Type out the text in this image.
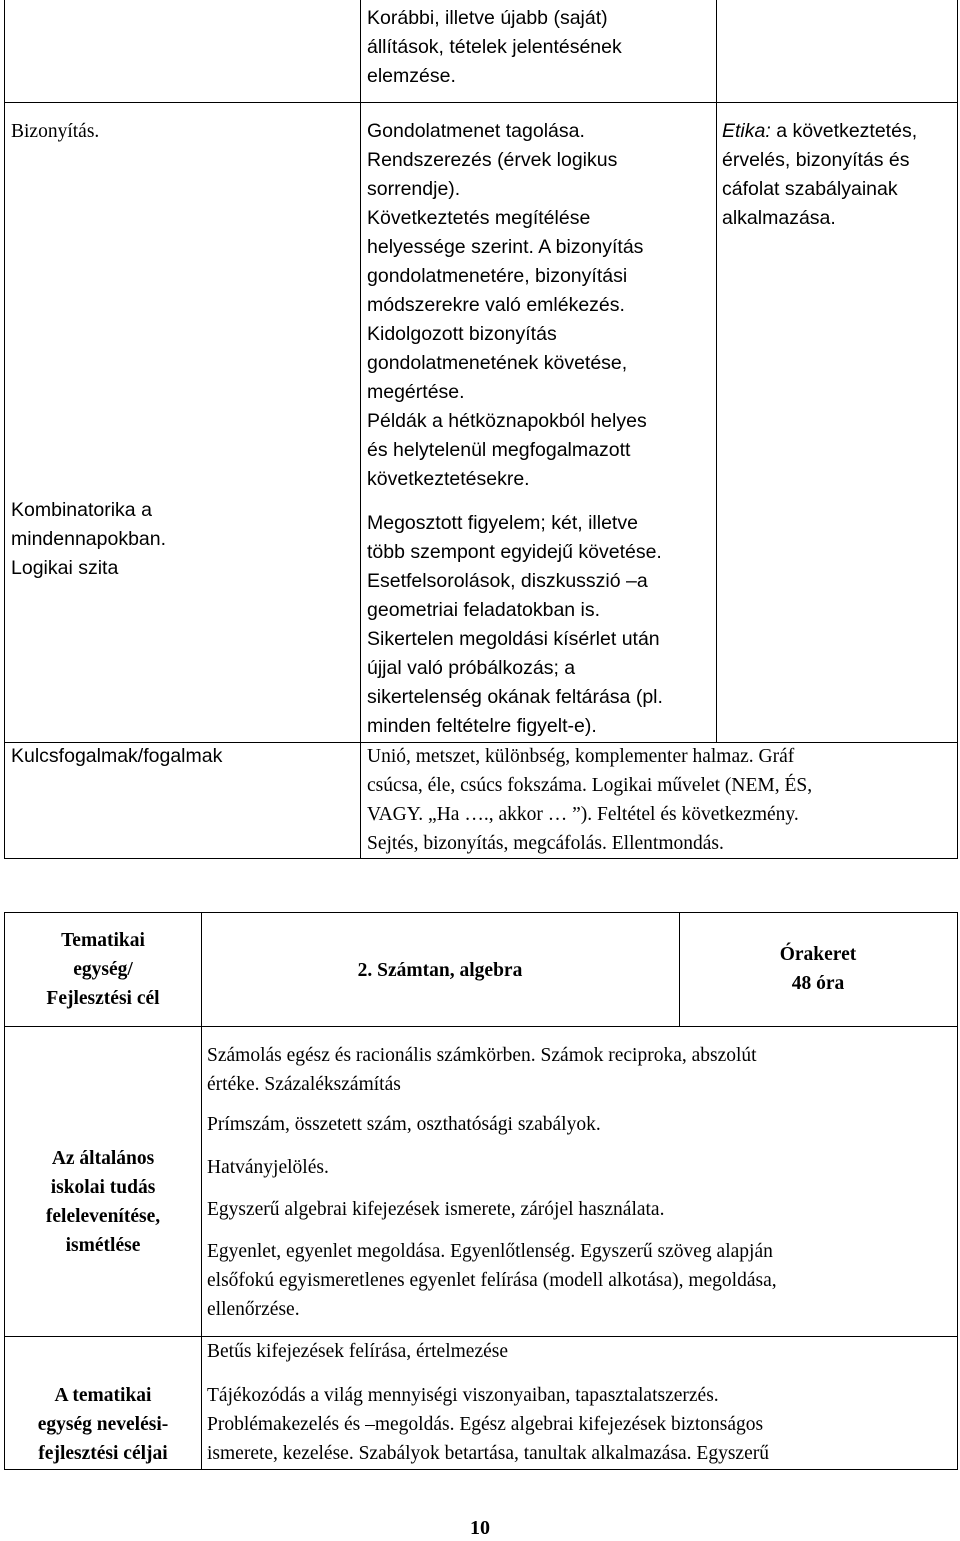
Korábbi, illetve újabb (saját)
állítások, tételek jelentésének
elemzése.
Bizonyítás.	Gondolatmenet tagolása.
Rendszerezés (érvek logikus
sorrendje).
Következtetés megítélése
helyessége szerint. A bizonyítás
gondolatmenetére, bizonyítási
módszerekre való emlékezés.
Kidolgozott bizonyítás
gondolatmenetének követése,
megértése.
Példák a hétköznapokból helyes
és helytelenül megfogalmazott
következtetésekre.
Etika: a következtetés,
érvelés, bizonyítás és
cáfolat szabályainak
alkalmazása.
Kombinatorika a
mindennapokban.
Logikai szita
Megosztott figyelem; két, illetve
több szempont egyidejű követése.
Esetfelsorolások, diszkusszió –a
geometriai feladatokban is.
Sikertelen megoldási kísérlet után
újjal való próbálkozás; a
sikertelenség okának feltárása (pl.
minden feltételre figyelt-e).
Kulcsfogalmak/fogalmak	Unió, metszet, különbség, komplementer halmaz. Gráf
csúcsa, éle, csúcs fokszáma. Logikai művelet (NEM, ÉS,
VAGY. „Ha …., akkor … ”). Feltétel és következmény.
Sejtés, bizonyítás, megcáfolás. Ellentmondás.
Tematikai
egység/
Fejlesztési cél
2. Számtan, algebra
Órakeret
48 óra
Az általános
iskolai tudás
felelevenítése,
ismétlése
Számolás egész és racionális számkörben. Számok reciproka, abszolút
értéke. Százalékszámítás
Prímszám, összetett szám, oszthatósági szabályok.
Hatványjelölés.
Egyszerű algebrai kifejezések ismerete, zárójel használata.
Egyenlet, egyenlet megoldása. Egyenlőtlenség. Egyszerű szöveg alapján
elsőfokú egyismeretlenes egyenlet felírása (modell alkotása), megoldása,
ellenőrzése.
Betűs kifejezések felírása, értelmezése
A tematikai
egység nevelési-
fejlesztési céljai
Tájékozódás a világ mennyiségi viszonyaiban, tapasztalatszerzés.
Problémakezelés és –megoldás. Egész algebrai kifejezések biztonságos
ismerete, kezelése. Szabályok betartása, tanultak alkalmazása. Egyszerű
10
